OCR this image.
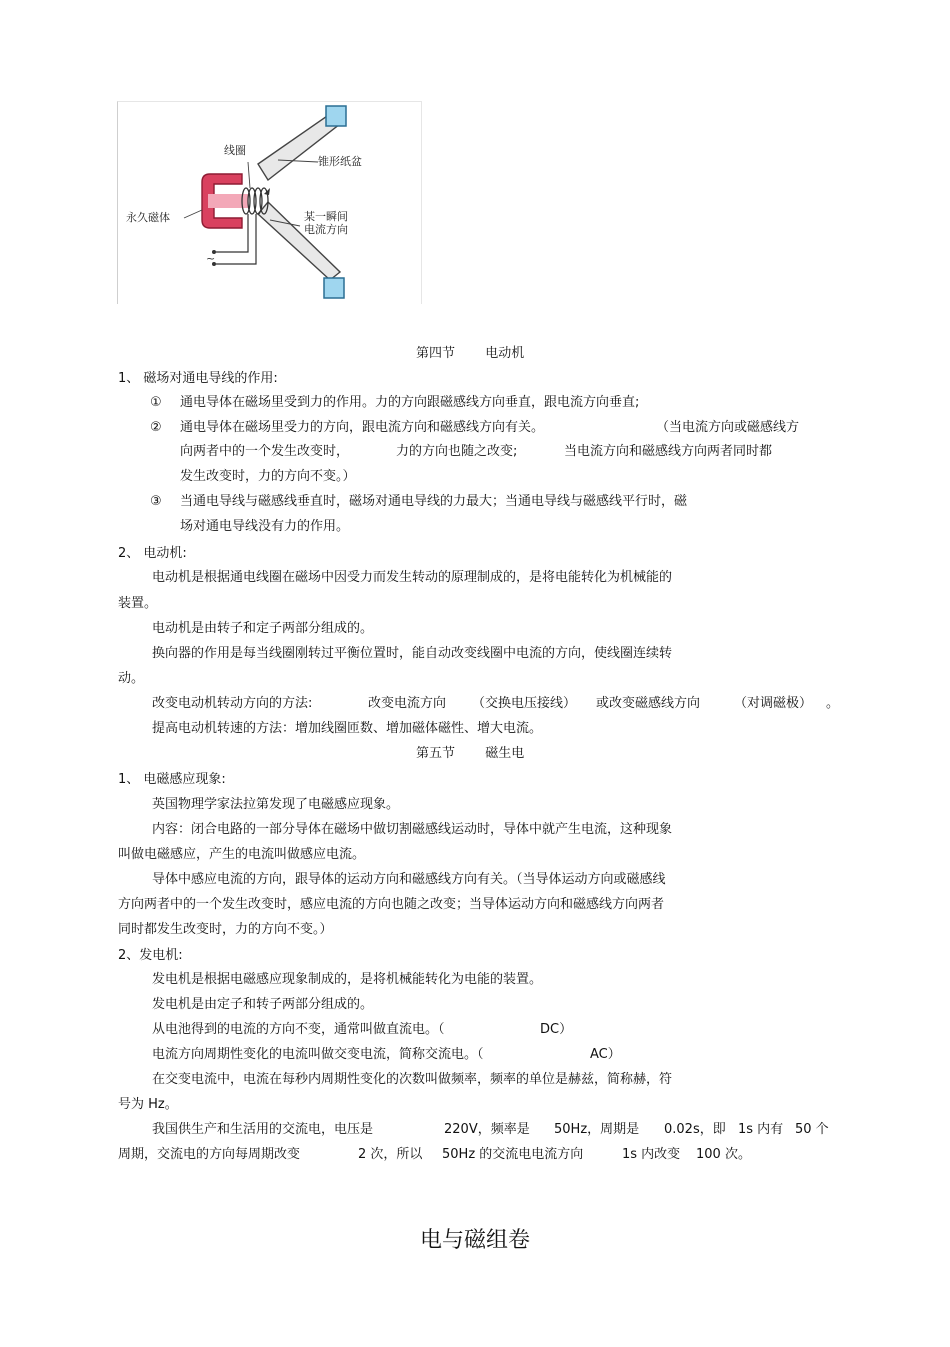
~
线圈
锥形纸盆
永久磁体	某一瞬间
电流方向
第四节 电动机
1、 磁场对通电导线的作用:
① 通电导体在磁场里受到力的作用。力的方向跟磁感线方向垂直，跟电流方向垂直;
② 通电导体在磁场里受力的方向，跟电流方向和磁感线方向有关。	（当电流方向或磁感线方
向两者中的一个发生改变时，	力的方向也随之改变;	当电流方向和磁感线方向两者同时都
发生改变时，力的方向不变。）
③ 当通电导线与磁感线垂直时，磁场对通电导线的力最大；当通电导线与磁感线平行时，磁
场对通电导线没有力的作用。
2、 电动机:
电动机是根据通电线圈在磁场中因受力而发生转动的原理制成的，是将电能转化为机械能的
装置。
电动机是由转子和定子两部分组成的。
换向器的作用是每当线圈刚转过平衡位置时，能自动改变线圈中电流的方向，使线圈连续转
动。
改变电动机转动方向的方法:	改变电流方向 （交换电压接线） 或改变磁感线方向	（对调磁极） 。
提高电动机转速的方法：增加线圈匝数、增加磁体磁性、增大电流。
第五节 磁生电
1、 电磁感应现象:
英国物理学家法拉第发现了电磁感应现象。
内容：闭合电路的一部分导体在磁场中做切割磁感线运动时，导体中就产生电流，这种现象
叫做电磁感应，产生的电流叫做感应电流。
导体中感应电流的方向，跟导体的运动方向和磁感线方向有关。（当导体运动方向或磁感线
方向两者中的一个发生改变时，感应电流的方向也随之改变；当导体运动方向和磁感线方向两者
同时都发生改变时，力的方向不变。）
2、发电机:
发电机是根据电磁感应现象制成的，是将机械能转化为电能的装置。
发电机是由定子和转子两部分组成的。
从电池得到的电流的方向不变，通常叫做直流电。（	DC）
电流方向周期性变化的电流叫做交变电流，简称交流电。（	AC）
在交变电流中，电流在每秒内周期性变化的次数叫做频率，频率的单位是赫兹，简称赫，符
号为 Hz。
我国供生产和生活用的交流电，电压是	220V，频率是 50Hz，周期是 0.02s，即 1s 内有 50 个
周期，交流电的方向每周期改变	2 次，所以 50Hz 的交流电电流方向	1s 内改变 100 次。
电与磁组卷
